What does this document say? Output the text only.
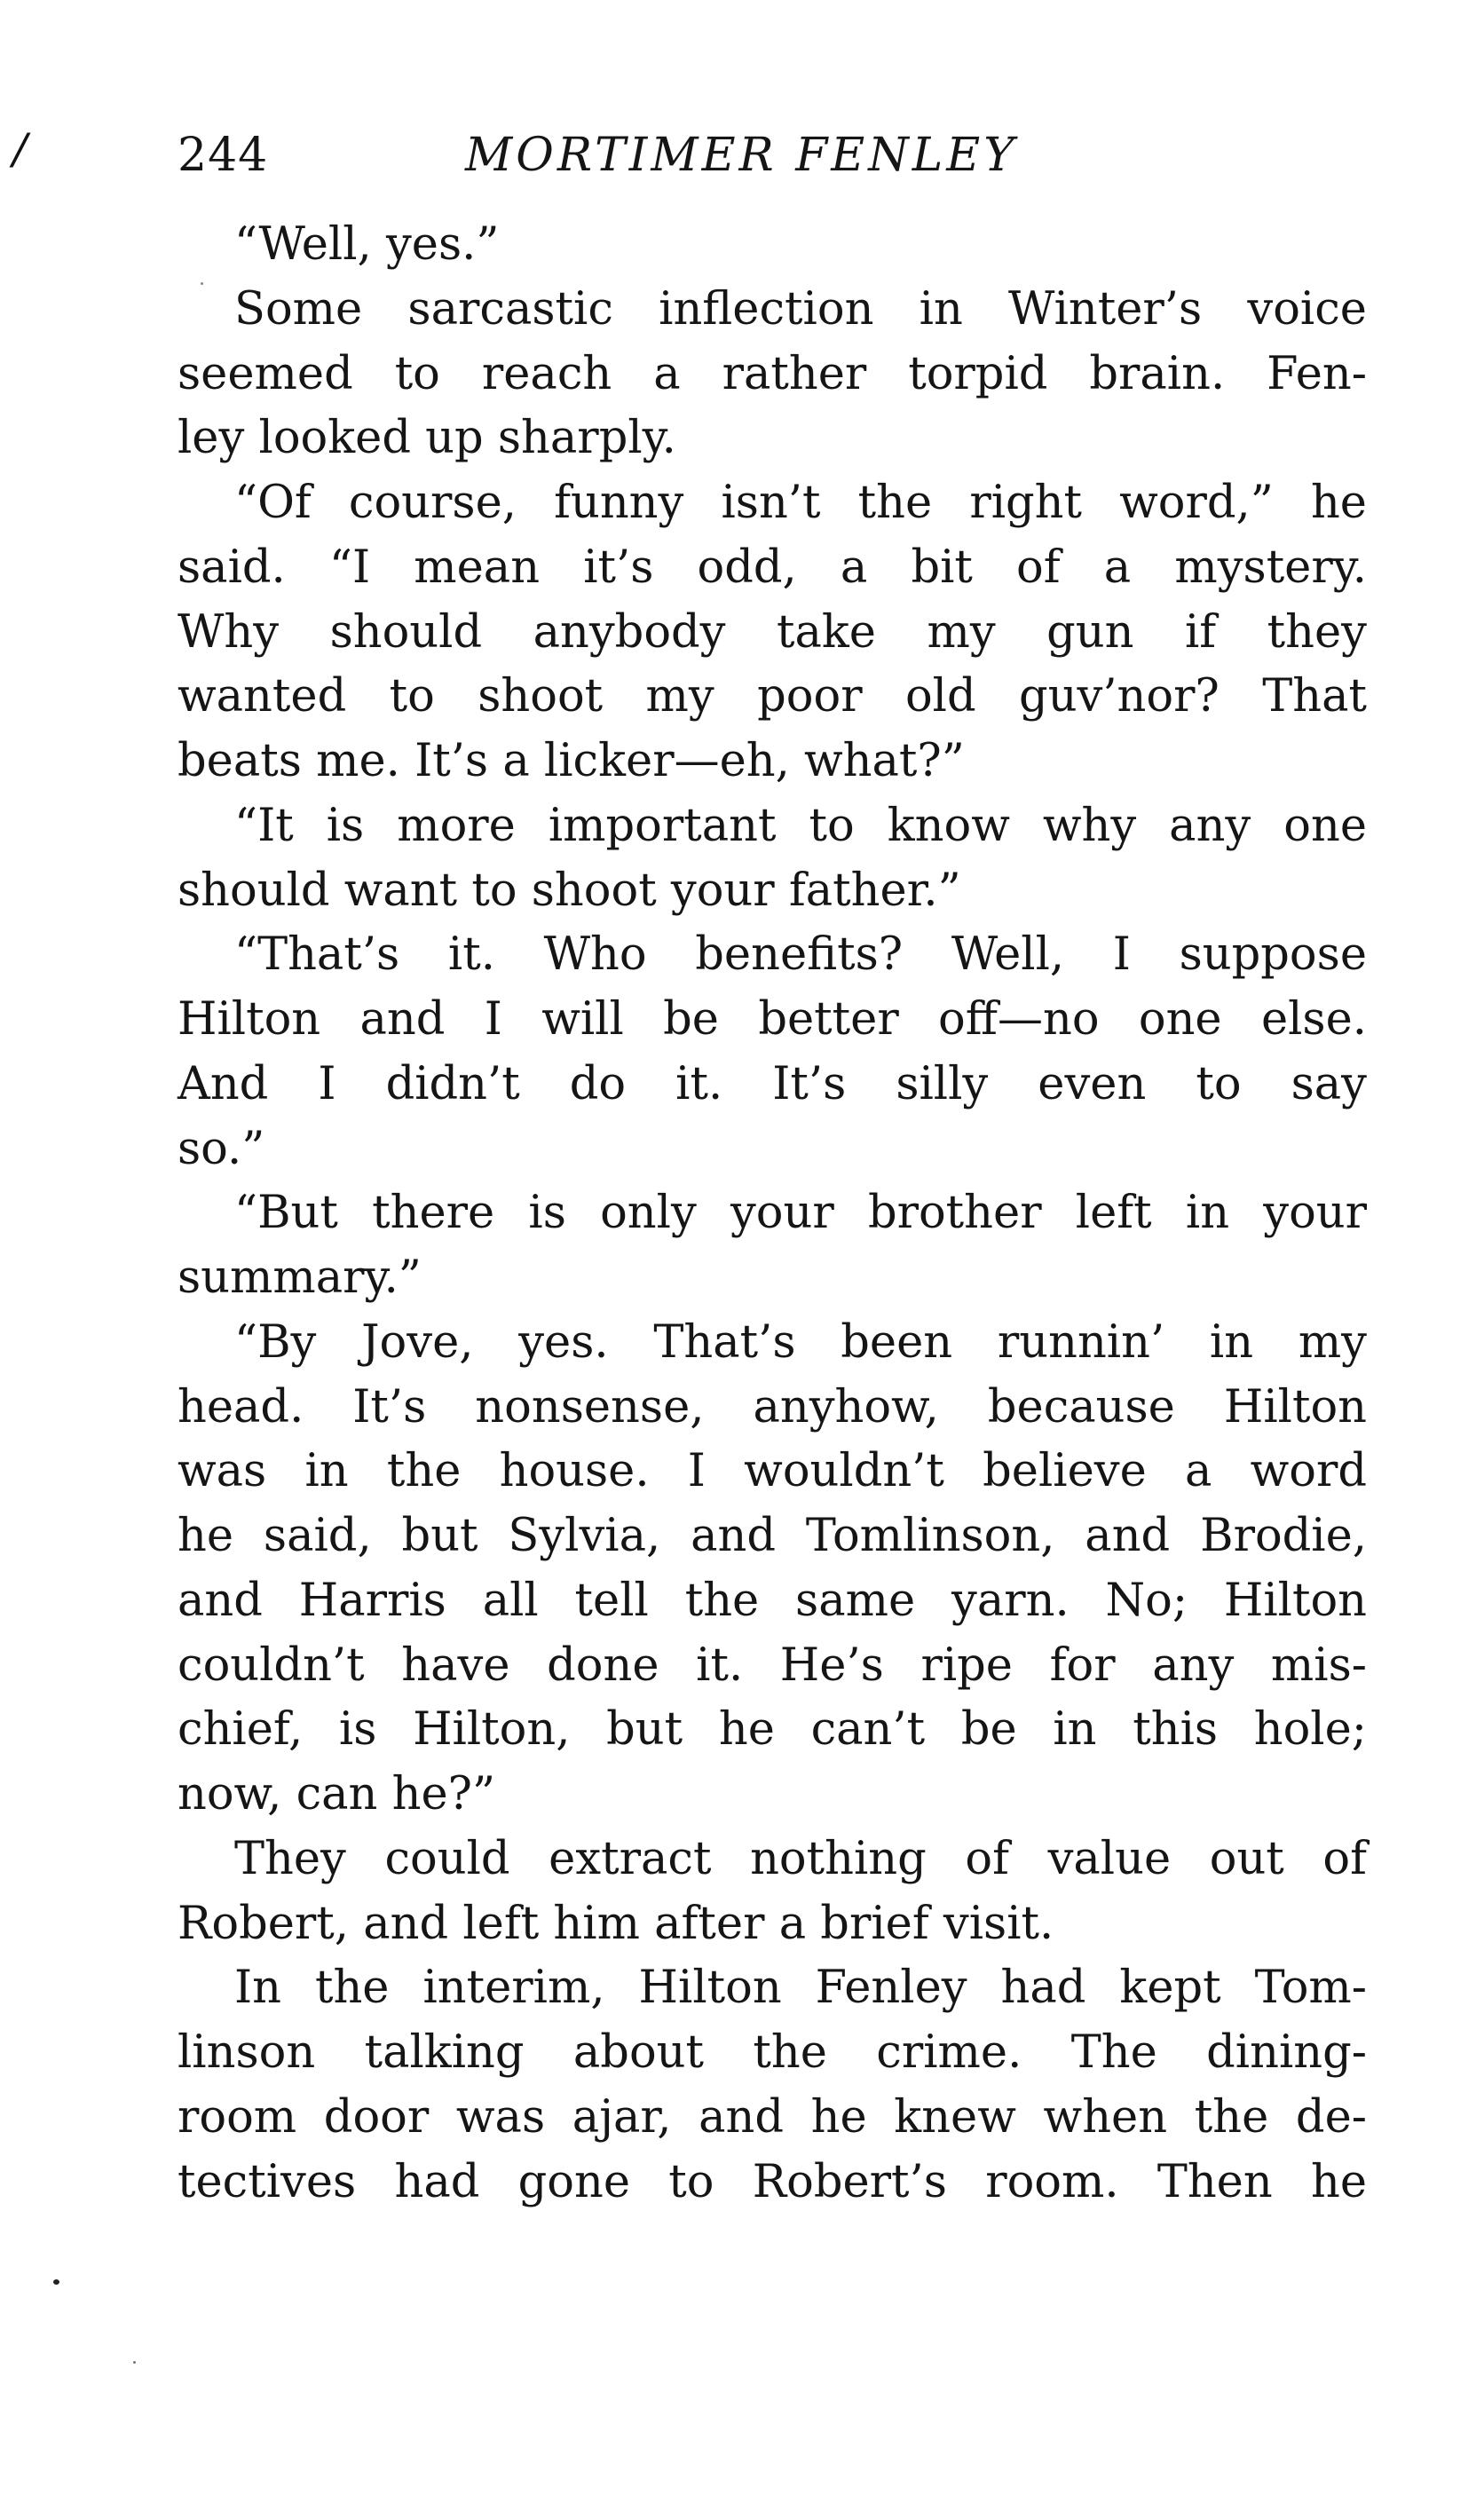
/	244	MORTIMER FENLEY
“Well, yes.”
Some sarcastic inflection in Winter’s voice
seemed to reach a rather torpid brain. Fen-
ley looked up sharply.
“Of course, funny isn’t the right word,” he
said. “I mean it’s odd, a bit of a mystery.
Why should anybody take my gun if they
wanted to shoot my poor old guv’nor? That
beats me. It’s a licker—eh, what?”
“It is more important to know why any one
should want to shoot your father.”
“That’s it. Who benefits? Well, I suppose
Hilton and I will be better off—no one else.
And I didn’t do it. It’s silly even to say
so.”
“But there is only your brother left in your
summary.”
“By Jove, yes. That’s been runnin’ in my
head. It’s nonsense, anyhow, because Hilton
was in the house. I wouldn’t believe a word
he said, but Sylvia, and Tomlinson, and Brodie,
and Harris all tell the same yarn. No; Hilton
couldn’t have done it. He’s ripe for any mis-
chief, is Hilton, but he can’t be in this hole;
now, can he?”
They could extract nothing of value out of
Robert, and left him after a brief visit.
In the interim, Hilton Fenley had kept Tom-
linson talking about the crime. The dining-
room door was ajar, and he knew when the de-
tectives had gone to Robert’s room. Then he
